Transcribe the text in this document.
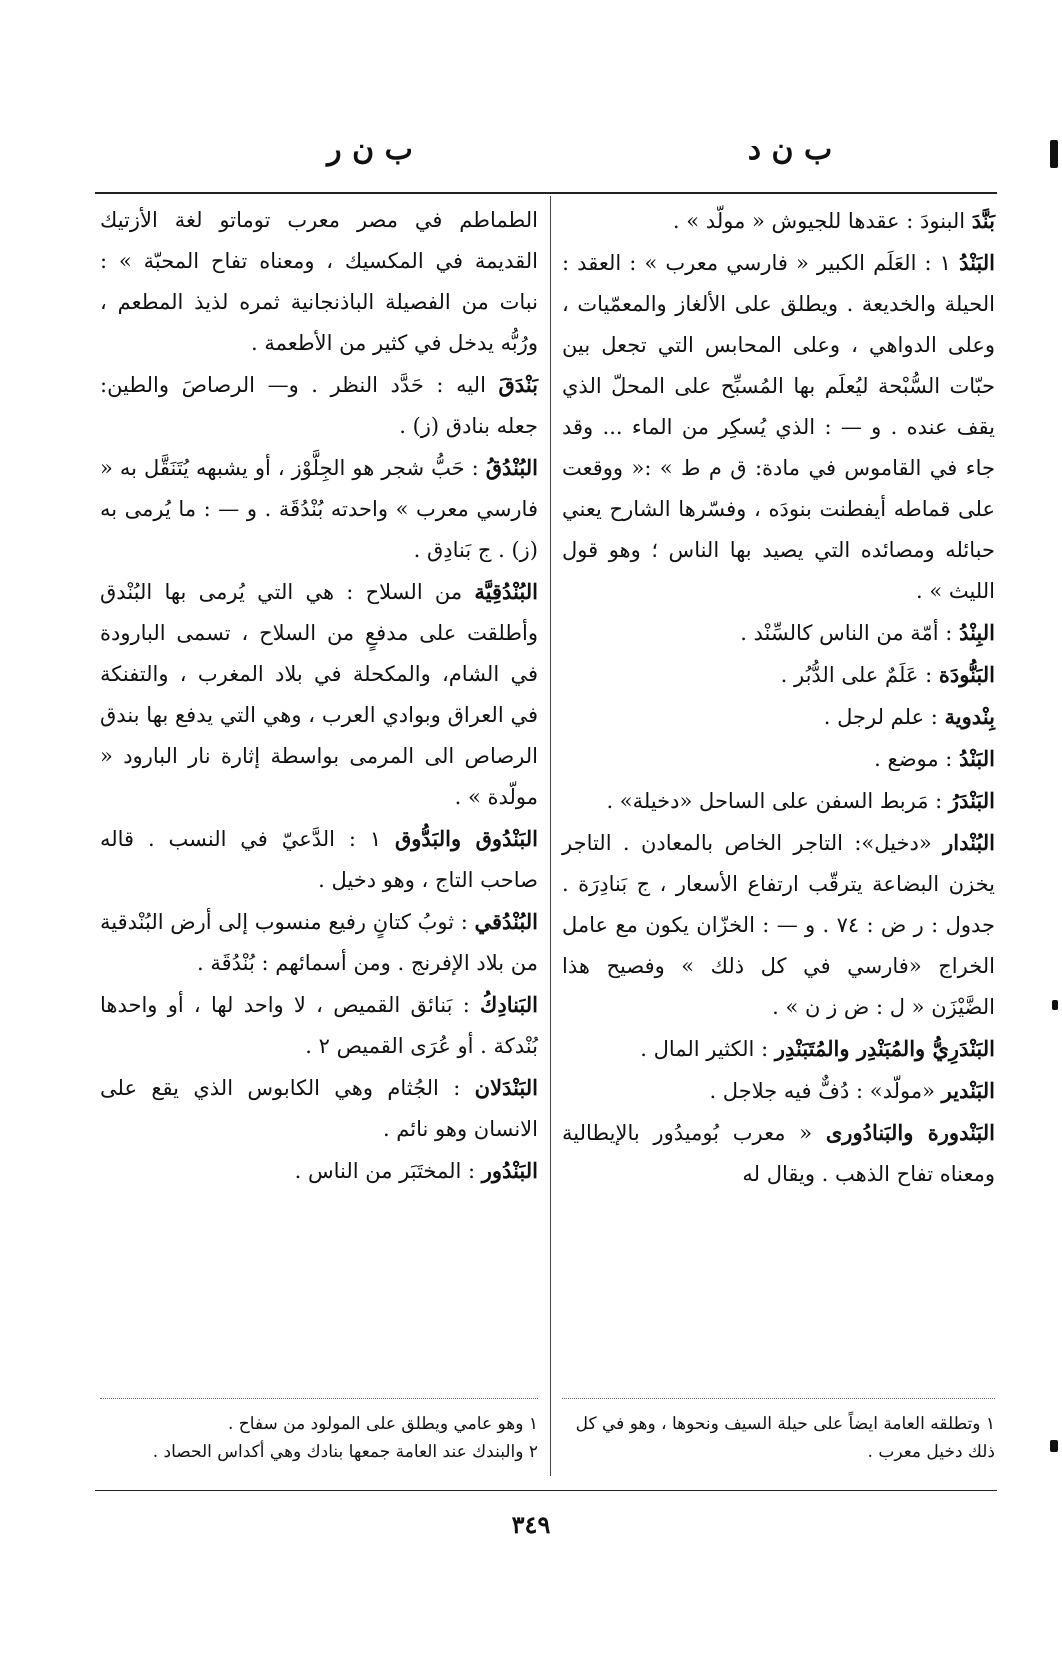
ب ن د
ب ن ر

بَنَّدَ البنودَ : عقدها للجيوش « مولّد » .

البَنْدُ ١ : العَلَم الكبير « فارسي معرب » : العقد : الحيلة والخديعة . ويطلق على الألغاز والمعمّيات ، وعلى الدواهي ، وعلى المحابس التي تجعل بين حبّات السُّبْحة ليُعلَم بها المُسبِّح على المحلّ الذي يقف عنده . و — : الذي يُسكِر من الماء ... وقد جاء في القاموس في مادة: ق م ط » :« ووقعت على قماطه أيفطنت بنودَه ، وفسّرها الشارح يعني حبائله ومصائده التي يصيد بها الناس ؛ وهو قول الليث » .

البِنْدُ : أمّة من الناس كالسِّنْد .

البَنُّودَة : عَلَمٌ على الدُّبُر .

بِنْدوية : علم لرجل .

البَنْدُ : موضع .

البَنْدَرُ : مَربط السفن على الساحل «دخيلة» .

البُنْدار «دخيل»: التاجر الخاص بالمعادن . التاجر يخزن البضاعة يترقّب ارتفاع الأسعار ، ج بَنادِرَة . جدول : ر ض : ٧٤ . و — : الخزّان يكون مع عامل الخراج «فارسي في كل ذلك » وفصيح هذا الضَّيْزَن « ل : ض ز ن » .

البَنْدَرِيُّ والمُبَنْدِر والمُتَبَنْدِر : الكثير المال .

البَنْدير «مولّد» : دُفٌّ فيه جلاجل .

البَنْدورة والبَنادُورى « معرب بُوميدُور بالإيطالية ومعناه تفاح الذهب . ويقال له

الطماطم في مصر معرب توماتو لغة الأزتيك القديمة في المكسيك ، ومعناه تفاح المحبّة » : نبات من الفصيلة الباذنجانية ثمره لذيذ المطعم ، ورُبُّه يدخل في كثير من الأطعمة .

بَنْدَقَ اليه : حَدَّد النظر . و— الرصاصَ والطين: جعله بنادق (ز) .

البُنْدُقُ : حَبُّ شجر هو الجِلَّوْز ، أو يشبهه يُتَنَقَّل به « فارسي معرب » واحدته بُنْدُقَة . و — : ما يُرمى به (ز) . ج بَنادِق .

البُنْدُقِيَّة من السلاح : هي التي يُرمى بها البُنْدق وأطلقت على مدفعٍ من السلاح ، تسمى البارودة في الشام، والمكحلة في بلاد المغرب ، والتفنكة في العراق وبوادي العرب ، وهي التي يدفع بها بندق الرصاص الى المرمى بواسطة إثارة نار البارود « مولّدة » .

البَنْدُوق والبَدُّوق ١ : الدَّعيّ في النسب . قاله صاحب التاج ، وهو دخيل .

البُنْدُقي : ثوبُ كتانٍ رفيع منسوب إلى أرض البُنْدقية من بلاد الإفرنج . ومن أسمائهم : بُنْدُقَة .

البَنادِكُ : بَنائق القميص ، لا واحد لها ، أو واحدها بُنْدكة . أو عُرَى القميص ٢ .

البَنْدَلان : الجُثام وهي الكابوس الذي يقع على الانسان وهو نائم .

البَنْدُور : المختَبَر من الناس .

١ وتطلقه العامة ايضاً على حيلة السيف ونحوها ، وهو في كل ذلك دخيل معرب .
١ وهو عامي ويطلق على المولود من سفاح .
٢ والبندك عند العامة جمعها بنادك وهي أكداس الحصاد .
٣٤٩
